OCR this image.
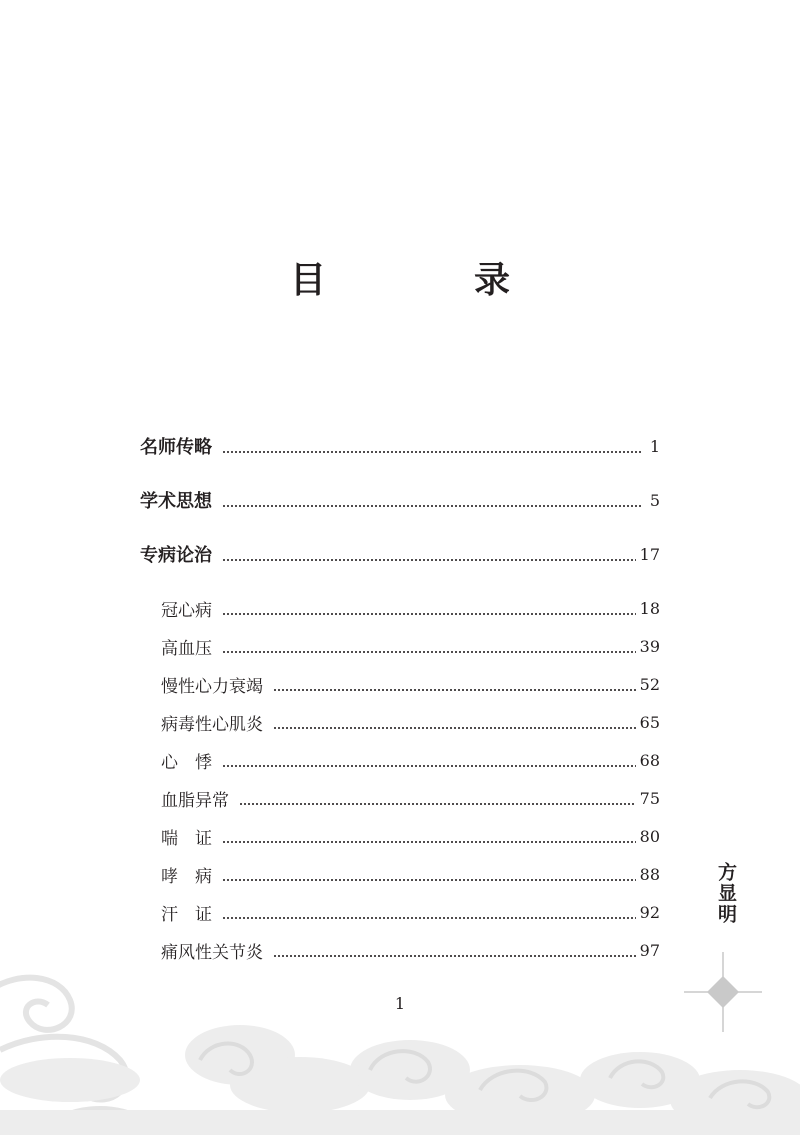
目　录
名师传略	1
学术思想	5
专病论治	17
冠心病	18
高血压	39
慢性心力衰竭	52
病毒性心肌炎	65
心　悸	68
血脂异常	75
喘　证	80
哮　病	88
汗　证	92
痛风性关节炎	97
方显明
1
